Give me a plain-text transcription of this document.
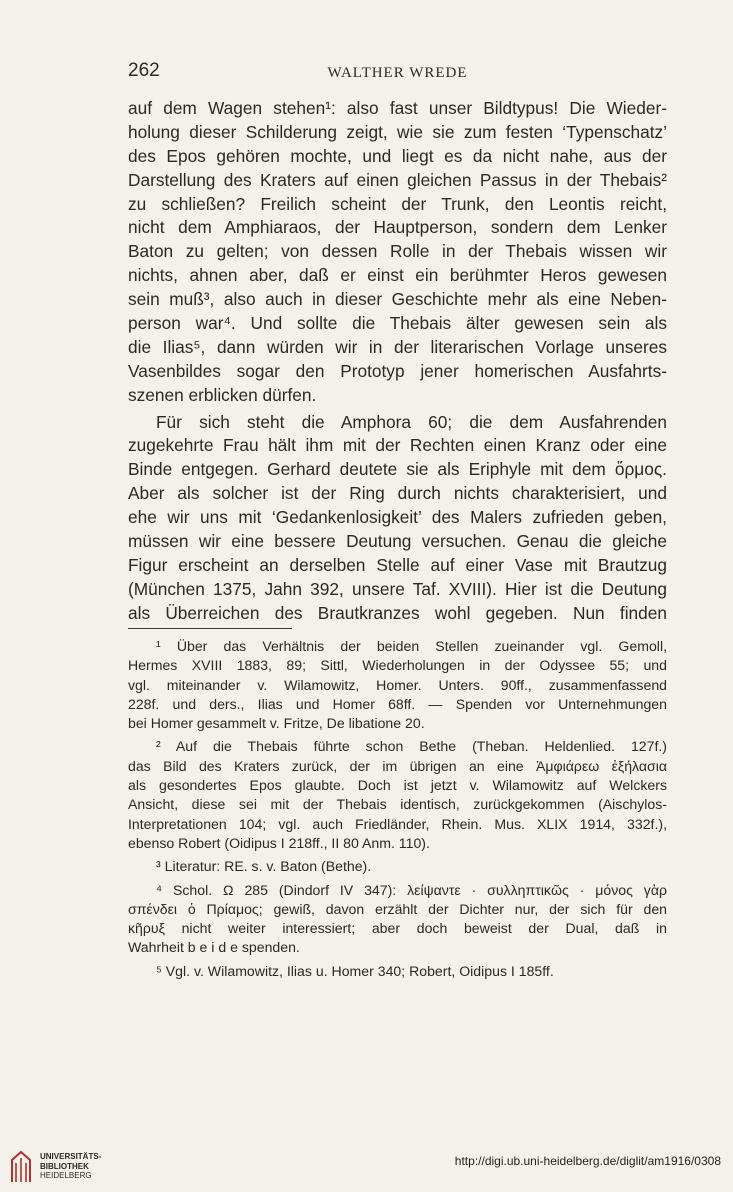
262	WALTHER WREDE
auf dem Wagen stehen¹: also fast unser Bildtypus! Die Wieder-
holung dieser Schilderung zeigt, wie sie zum festen ‘Typenschatz’
des Epos gehören mochte, und liegt es da nicht nahe, aus der
Darstellung des Kraters auf einen gleichen Passus in der Thebais²
zu schließen? Freilich scheint der Trunk, den Leontis reicht,
nicht dem Amphiaraos, der Hauptperson, sondern dem Lenker
Baton zu gelten; von dessen Rolle in der Thebais wissen wir
nichts, ahnen aber, daß er einst ein berühmter Heros gewesen
sein muß³, also auch in dieser Geschichte mehr als eine Neben-
person war⁴. Und sollte die Thebais älter gewesen sein als
die Ilias⁵, dann würden wir in der literarischen Vorlage unseres
Vasenbildes sogar den Prototyp jener homerischen Ausfahrts-
szenen erblicken dürfen.
Für sich steht die Amphora 60; die dem Ausfahrenden
zugekehrte Frau hält ihm mit der Rechten einen Kranz oder eine
Binde entgegen. Gerhard deutete sie als Eriphyle mit dem ὅρμος.
Aber als solcher ist der Ring durch nichts charakterisiert, und
ehe wir uns mit ‘Gedankenlosigkeit’ des Malers zufrieden geben,
müssen wir eine bessere Deutung versuchen. Genau die gleiche
Figur erscheint an derselben Stelle auf einer Vase mit Brautzug
(München 1375, Jahn 392, unsere Taf. XVIII). Hier ist die Deutung
als Überreichen des Brautkranzes wohl gegeben. Nun finden
¹ Über das Verhältnis der beiden Stellen zueinander vgl. Gemoll,
Hermes XVIII 1883, 89; Sittl, Wiederholungen in der Odyssee 55; und
vgl. miteinander v. Wilamowitz, Homer. Unters. 90ff., zusammenfassend
228f. und ders., Ilias und Homer 68ff. — Spenden vor Unternehmungen
bei Homer gesammelt v. Fritze, De libatione 20.
² Auf die Thebais führte schon Bethe (Theban. Heldenlied. 127f.)
das Bild des Kraters zurück, der im übrigen an eine Ἀμφιάρεω ἐξήλασια
als gesondertes Epos glaubte. Doch ist jetzt v. Wilamowitz auf Welckers
Ansicht, diese sei mit der Thebais identisch, zurückgekommen (Aischylos-
Interpretationen 104; vgl. auch Friedländer, Rhein. Mus. XLIX 1914, 332f.),
ebenso Robert (Oidipus I 218ff., II 80 Anm. 110).
³ Literatur: RE. s. v. Baton (Bethe).
⁴ Schol. Ω 285 (Dindorf IV 347): λείψαντε · συλληπτικῶς · μόνος γὰρ
σπένδει ὁ Πρίαμος; gewiß, davon erzählt der Dichter nur, der sich für den
κῆρυξ nicht weiter interessiert; aber doch beweist der Dual, daß in
Wahrheit b e i d e spenden.
⁵ Vgl. v. Wilamowitz, Ilias u. Homer 340; Robert, Oidipus I 185ff.
UNIVERSITÄTS-
BIBLIOTHEK
HEIDELBERG
http://digi.ub.uni-heidelberg.de/diglit/am1916/0308
